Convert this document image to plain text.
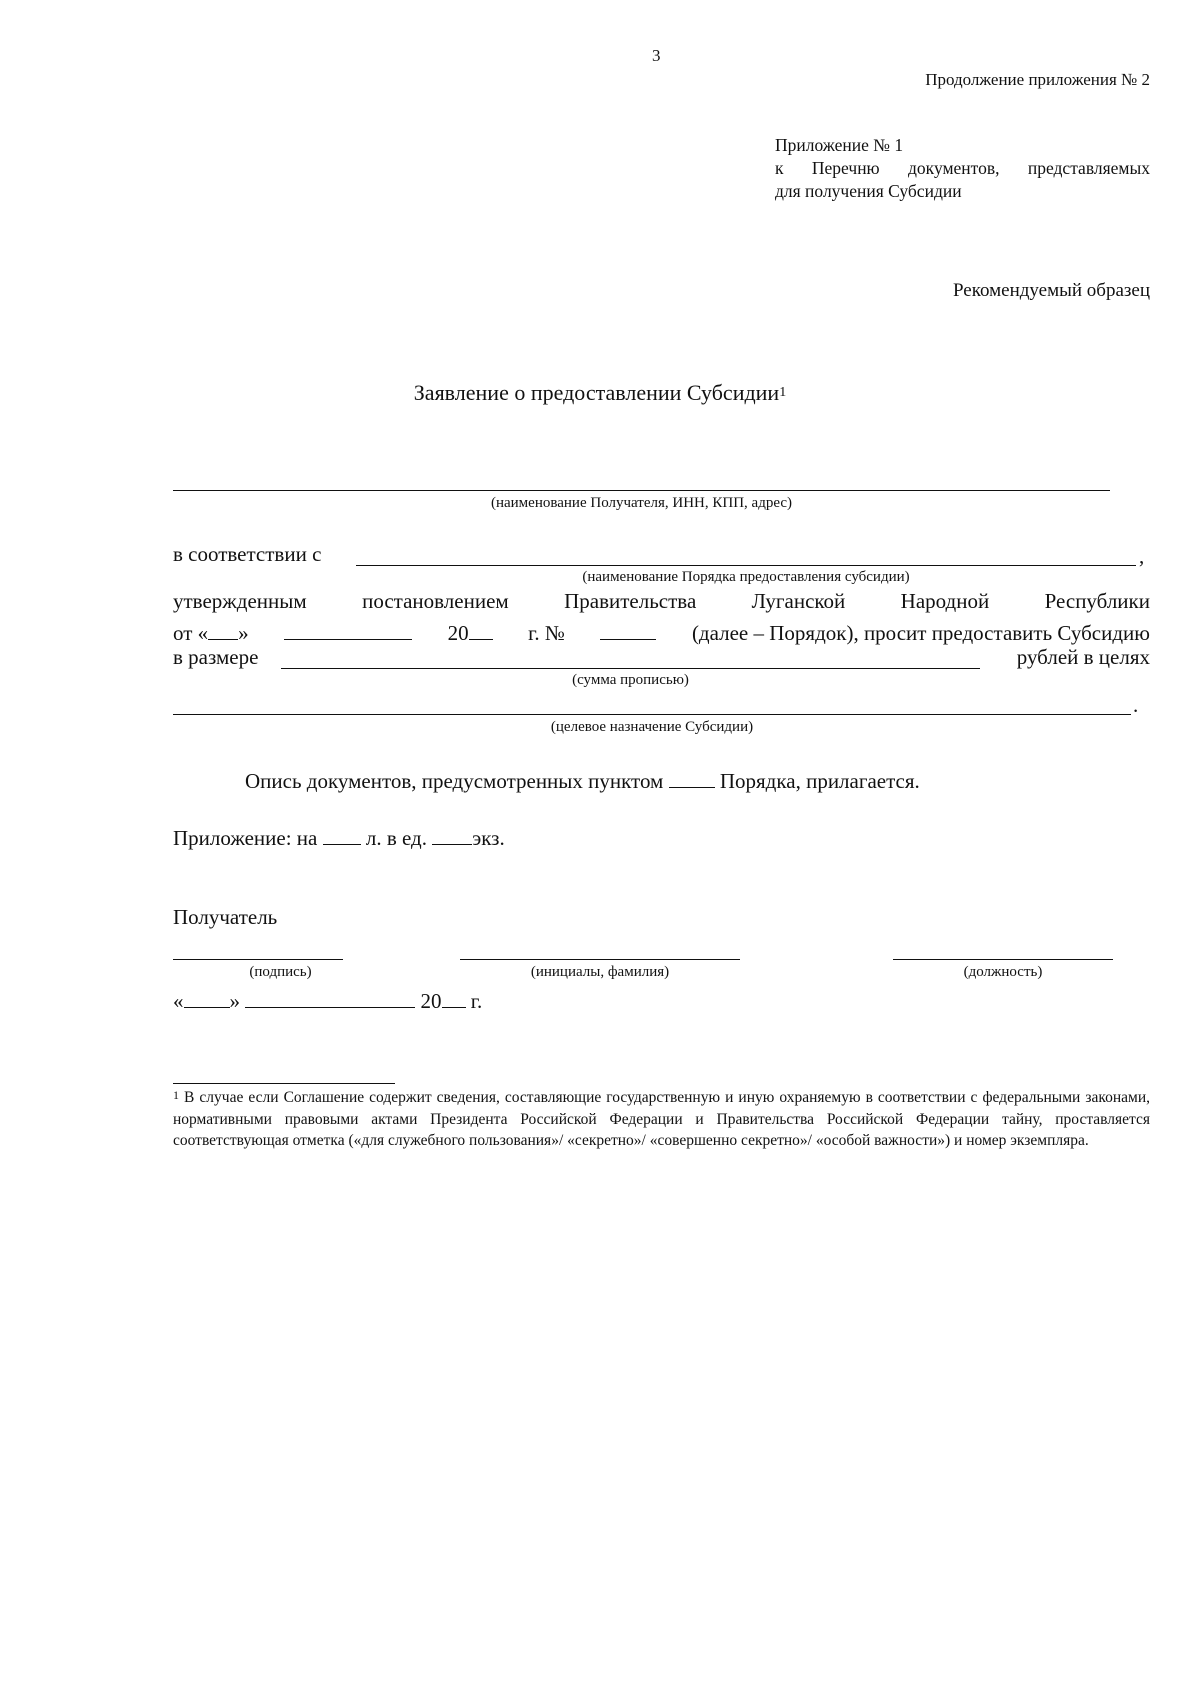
3
Продолжение приложения № 2
Приложение № 1
к Перечню документов, представляемых
для получения Субсидии
Рекомендуемый образец
Заявление о предоставлении Субсидии$^1$
(наименование Получателя, ИНН, КПП, адрес)
в соответствии с	,
(наименование Порядка предоставления субсидии)
утвержденным	постановлением	Правительства	Луганской	Народной	Республики
от « »	20	г. №	(далее – Порядок), просит предоставить Субсидию
в размере	рублей в целях
(сумма прописью)
.
(целевое назначение Субсидии)
Опись документов, предусмотренных пунктом	Порядка, прилагается.
Приложение: на л. в ед. экз.
Получатель
(подпись)	(инициалы, фамилия)	(должность)
« »	20 г.
$^1$ В случае если Соглашение содержит сведения, составляющие государственную и иную охраняемую в соответствии с федеральными законами, нормативными правовыми актами Президента Российской Федерации и Правительства Российской Федерации тайну, проставляется соответствующая отметка («для служебного пользования»/ «секретно»/ «совершенно секретно»/ «особой важности») и номер экземпляра.
